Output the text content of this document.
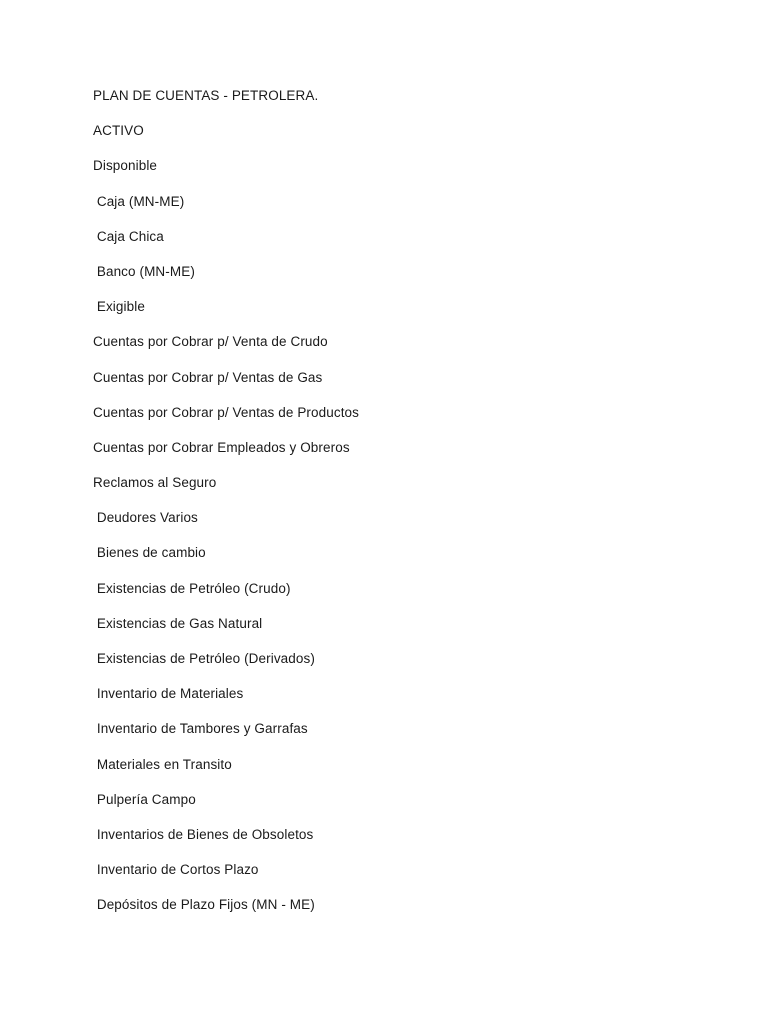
PLAN DE CUENTAS - PETROLERA.
ACTIVO
Disponible
Caja (MN-ME)
Caja Chica
Banco (MN-ME)
Exigible
Cuentas por Cobrar p/ Venta de Crudo
Cuentas por Cobrar p/ Ventas de Gas
Cuentas por Cobrar p/ Ventas de Productos
Cuentas por Cobrar Empleados y Obreros
Reclamos al Seguro
Deudores Varios
Bienes de cambio
Existencias de Petróleo (Crudo)
Existencias de Gas Natural
Existencias de Petróleo (Derivados)
Inventario de Materiales
Inventario de Tambores y Garrafas
Materiales en Transito
Pulpería Campo
Inventarios de Bienes de Obsoletos
Inventario de Cortos Plazo
Depósitos de Plazo Fijos (MN - ME)
